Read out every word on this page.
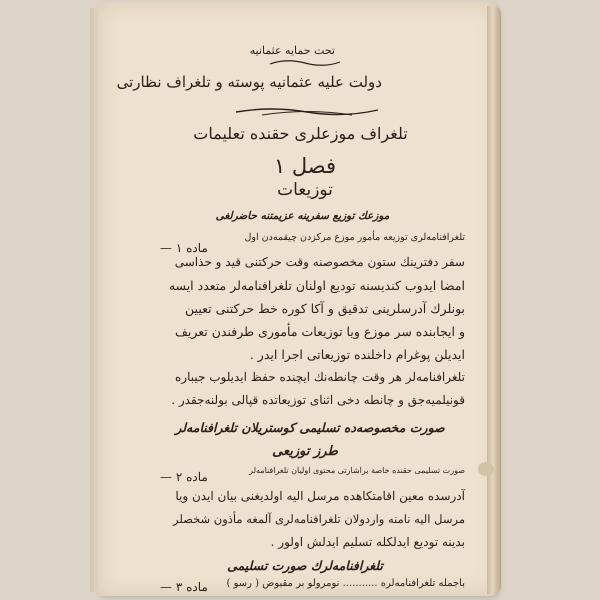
تحت حمایه عثمانیه
دولت عليه عثمانيه پوسته و تلغراف نظارتی
تلغراف موزعلری حقنده تعلیمات
فصل ١
توزیعات
موزعك توزيع سفرينه عزيمتنه حاضرلغى
ماده ١ —
تلغرافنامه‌لری توزیعه مأمور موزع مرکزدن چیقمه‌دن اول
سفر دفترینك ستون مخصوصنه وقت حرکتنی قید و حذاسی
امضا ایدوب کندیسنه تودیع اولنان تلغرافنامه‌لر متعدد ایسه
بونلرك آدرسلرینی تدقیق و آکا کوره خط حرکتنی تعیین
و ایجابنده سر موزع ویا توزیعات مأموری طرفندن تعریف
ایدیلن پوغرام داخلنده توزیعاتی اجرا ایدر .
تلغرافنامه‌لر هر وقت چانطه‌نك ایچنده حفظ ایدیلوب جیباره
قونیلمیه‌جق و چانطه دخی اثنای توزیعاتده قپالی بولنه‌جقدر .
صورت مخصوصه‌ده تسلیمی کوستریلان تلغرافنامه‌لر
طرز توزيعى
ماده ٢ —	صورت تسلیمی حقنده خاصة براشارتی محتوی اولیان تلغرافنامه‌لر
آدرسده معین اقامتکاهده مرسل الیه اولدیغنی بیان ایدن ویا
مرسل الیه نامنه واردولان تلغرافنامه‌لری آلمغه مأذون شخصلر
بدینه تودیع ایدلکله تسلیم ایدلش اولور .
تلغرافنامه‌لرك صورت تسليمى
ماده ٣ — باجمله تلغرافنامه‌لره ........... نومرولو بر مقبوض ( رسو )
